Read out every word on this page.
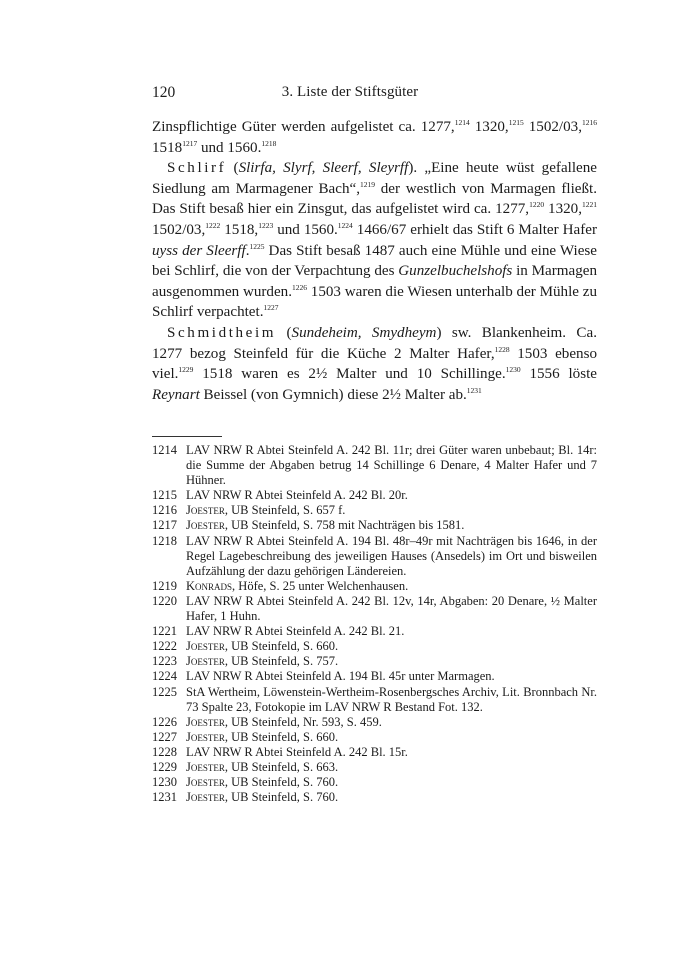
120	3. Liste der Stiftsgüter

Zinspflichtige Güter werden aufgelistet ca. 1277,$^{1214}$ 1320,$^{1215}$ 1502/03,$^{1216}$ $1518^{1217}$ und 1560.$^{1218}$

Schlirf (Slirfa, Slyrf, Sleerf, Sleyrff). „Eine heute wüst gefallene Siedlung am Marmagener Bach“,$^{1219}$ der westlich von Marmagen fließt. Das Stift besaß hier ein Zinsgut, das aufgelistet wird ca. 1277,$^{1220}$ 1320,$^{1221}$ 1502/03,$^{1222}$ 1518,$^{1223}$ und 1560.$^{1224}$ 1466/67 erhielt das Stift 6 Malter Hafer uyss der Sleerff.$^{1225}$ Das Stift besaß 1487 auch eine Mühle und eine Wiese bei Schlirf, die von der Verpachtung des Gunzelbuchelshofs in Marmagen ausgenommen wurden.$^{1226}$ 1503 waren die Wiesen unterhalb der Mühle zu Schlirf verpachtet.$^{1227}$

Schmidtheim (Sundeheim, Smydheym) sw. Blankenheim. Ca. 1277 bezog Steinfeld für die Küche 2 Malter Hafer,$^{1228}$ 1503 ebenso viel.$^{1229}$ 1518 waren es 2½ Malter und 10 Schillinge.$^{1230}$ 1556 löste Reynart Beissel (von Gymnich) diese 2½ Malter ab.$^{1231}$

1214 LAV NRW R Abtei Steinfeld A. 242 Bl. 11r; drei Güter waren unbebaut; Bl. 14r: die Summe der Abgaben betrug 14 Schillinge 6 Denare, 4 Malter Hafer und 7 Hühner.
1215 LAV NRW R Abtei Steinfeld A. 242 Bl. 20r.
1216 Joester, UB Steinfeld, S. 657 f.
1217 Joester, UB Steinfeld, S. 758 mit Nachträgen bis 1581.
1218 LAV NRW R Abtei Steinfeld A. 194 Bl. 48r–49r mit Nachträgen bis 1646, in der Regel Lagebeschreibung des jeweiligen Hauses (Ansedels) im Ort und bisweilen Aufzählung der dazu gehörigen Ländereien.
1219 Konrads, Höfe, S. 25 unter Welchenhausen.
1220 LAV NRW R Abtei Steinfeld A. 242 Bl. 12v, 14r, Abgaben: 20 Denare, ½ Malter Hafer, 1 Huhn.
1221 LAV NRW R Abtei Steinfeld A. 242 Bl. 21.
1222 Joester, UB Steinfeld, S. 660.
1223 Joester, UB Steinfeld, S. 757.
1224 LAV NRW R Abtei Steinfeld A. 194 Bl. 45r unter Marmagen.
1225 StA Wertheim, Löwenstein-Wertheim-Rosenbergsches Archiv, Lit. Bronnbach Nr. 73 Spalte 23, Fotokopie im LAV NRW R Bestand Fot. 132.
1226 Joester, UB Steinfeld, Nr. 593, S. 459.
1227 Joester, UB Steinfeld, S. 660.
1228 LAV NRW R Abtei Steinfeld A. 242 Bl. 15r.
1229 Joester, UB Steinfeld, S. 663.
1230 Joester, UB Steinfeld, S. 760.
1231 Joester, UB Steinfeld, S. 760.
